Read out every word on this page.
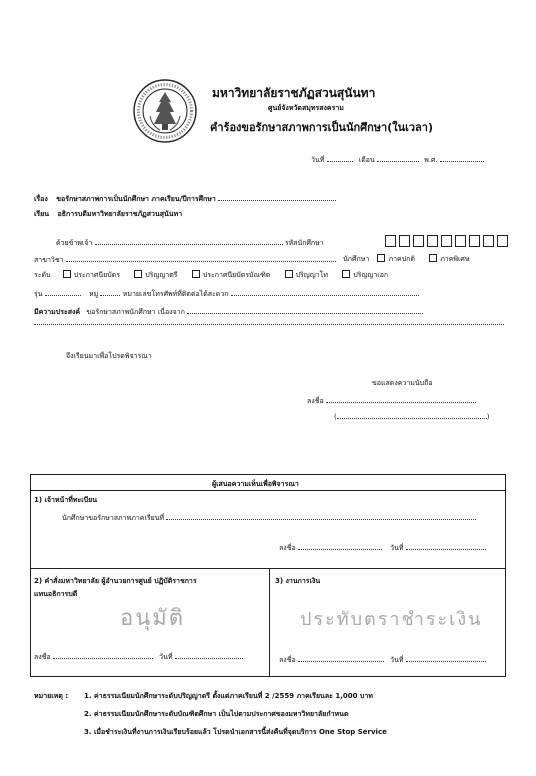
มหาวิทยาลัยราชภัฏสวนสุนันทา
ศูนย์จังหวัดสมุทรสงคราม
คำร้องขอรักษาสภาพการเป็นนักศึกษา(ในเวลา)
วันที่	เดือน	พ.ศ.
เรื่อง ขอรักษาสภาพการเป็นนักศึกษา ภาคเรียน/ปีการศึกษา
เรียน อธิการบดีมหาวิทยาลัยราชภัฏสวนสุนันทา
ด้วยข้าพเจ้า	รหัสนักศึกษา
สาขาวิชา	นักศึกษา	ภาคปกติ	ภาคพิเศษ
ระดับ	ประกาศนียบัตร	ปริญญาตรี	ประกาศนียบัตรบัณฑิต	ปริญญาโท	ปริญญาเอก
รุ่น	หมู่	หมายเลขโทรศัพท์ที่ติดต่อได้สะดวก
มีความประสงค์ ขอรักษาสภาพนักศึกษา เนื่องจาก
จึงเรียนมาเพื่อโปรดพิจารณา
ขอแสดงความนับถือ
ลงชื่อ
(	)
ผู้เสนอความเห็นเพื่อพิจารณา
1) เจ้าหน้าที่ทะเบียน
นักศึกษาขอรักษาสภาพภาคเรียนที่
ลงชื่อ	วันที่
2) คำสั่งมหาวิทยาลัย ผู้อำนวยการศูนย์ ปฏิบัติราชการ
แทนอธิการบดี
อนุมัติ
ลงชื่อ	วันที่
3) งานการเงิน
ประทับตราชำระเงิน
ลงชื่อ	วันที่
หมายเหตุ : 1. ค่าธรรมเนียมนักศึกษาระดับปริญญาตรี ตั้งแต่ภาคเรียนที่ 2 /2559 ภาคเรียนละ 1,000 บาท
2. ค่าธรรมเนียมนักศึกษาระดับบัณฑิตศึกษา เป็นไปตามประกาศของมหาวิทยาลัยกำหนด
3. เมื่อชำระเงินที่งานการเงินเรียบร้อยแล้ว โปรดนำเอกสารนี้ส่งคืนที่จุดบริการ One Stop Service
